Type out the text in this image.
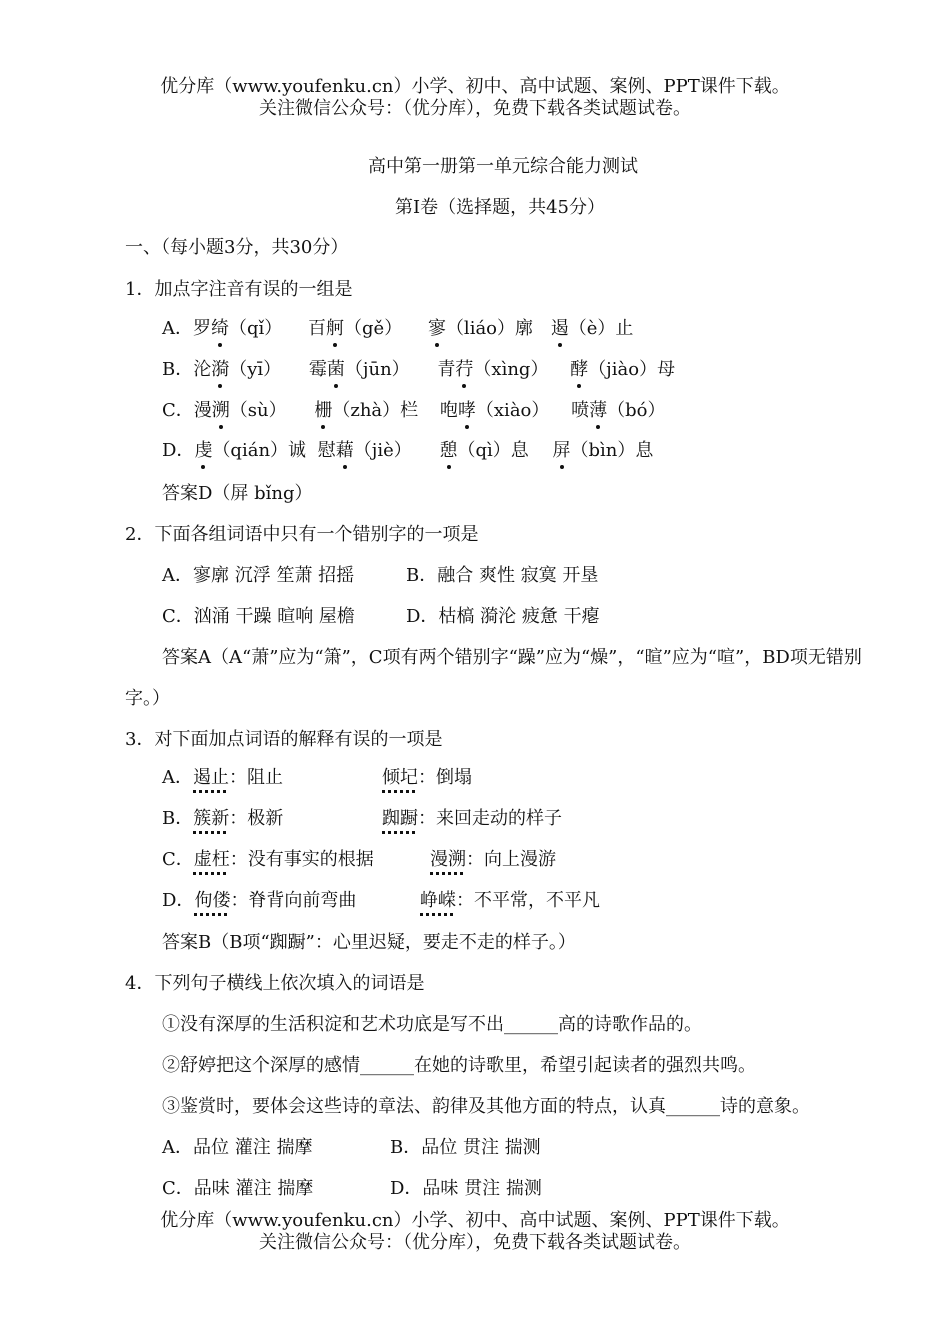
优分库（www.youfenku.cn）小学、初中、高中试题、案例、PPT课件下载。
关注微信公众号：（优分库），免费下载各类试题试卷。
高中第一册第一单元综合能力测试
第Ⅰ卷（选择题，共45分）
一、（每小题3分，共30分）
1．加点字注音有误的一组是
A．罗绮（qǐ） 百舸（gě） 寥（liáo）廓 遏（è）止
B．沦漪（yī） 霉菌（jūn） 青荇（xìng） 酵（jiào）母
C．漫溯（sù） 栅（zhà）栏 咆哮（xiào） 喷薄（bó）
D．虔（qián）诚 慰藉（jiè） 憩（qì）息 屏（bìn）息
答案D（屏 bǐng）
2．下面各组词语中只有一个错别字的一项是
A．寥廓 沉浮 笙萧 招摇	B．融合 爽性 寂寞 开垦
C．汹涌 干躁 暄响 屋檐	D．枯槁 漪沦 疲惫 干瘪
答案A（A“萧”应为“箫”，C项有两个错别字“躁”应为“燥”，“暄”应为“喧”，BD项无错别
字。）
3．对下面加点词语的解释有误的一项是
A．遏止：阻止	倾圮：倒塌
B．簇新：极新	踟蹰：来回走动的样子
C．虚枉：没有事实的根据	漫溯：向上漫游
D．佝偻：脊背向前弯曲	峥嵘：不平常，不平凡
答案B（B项“踟蹰”：心里迟疑，要走不走的样子。）
4．下列句子横线上依次填入的词语是
①没有深厚的生活积淀和艺术功底是写不出______高的诗歌作品的。
②舒婷把这个深厚的感情______在她的诗歌里，希望引起读者的强烈共鸣。
③鉴赏时，要体会这些诗的章法、韵律及其他方面的特点，认真______诗的意象。
A．品位 灌注 揣摩	B．品位 贯注 揣测
C．品味 灌注 揣摩	D．品味 贯注 揣测
优分库（www.youfenku.cn）小学、初中、高中试题、案例、PPT课件下载。
关注微信公众号：（优分库），免费下载各类试题试卷。
